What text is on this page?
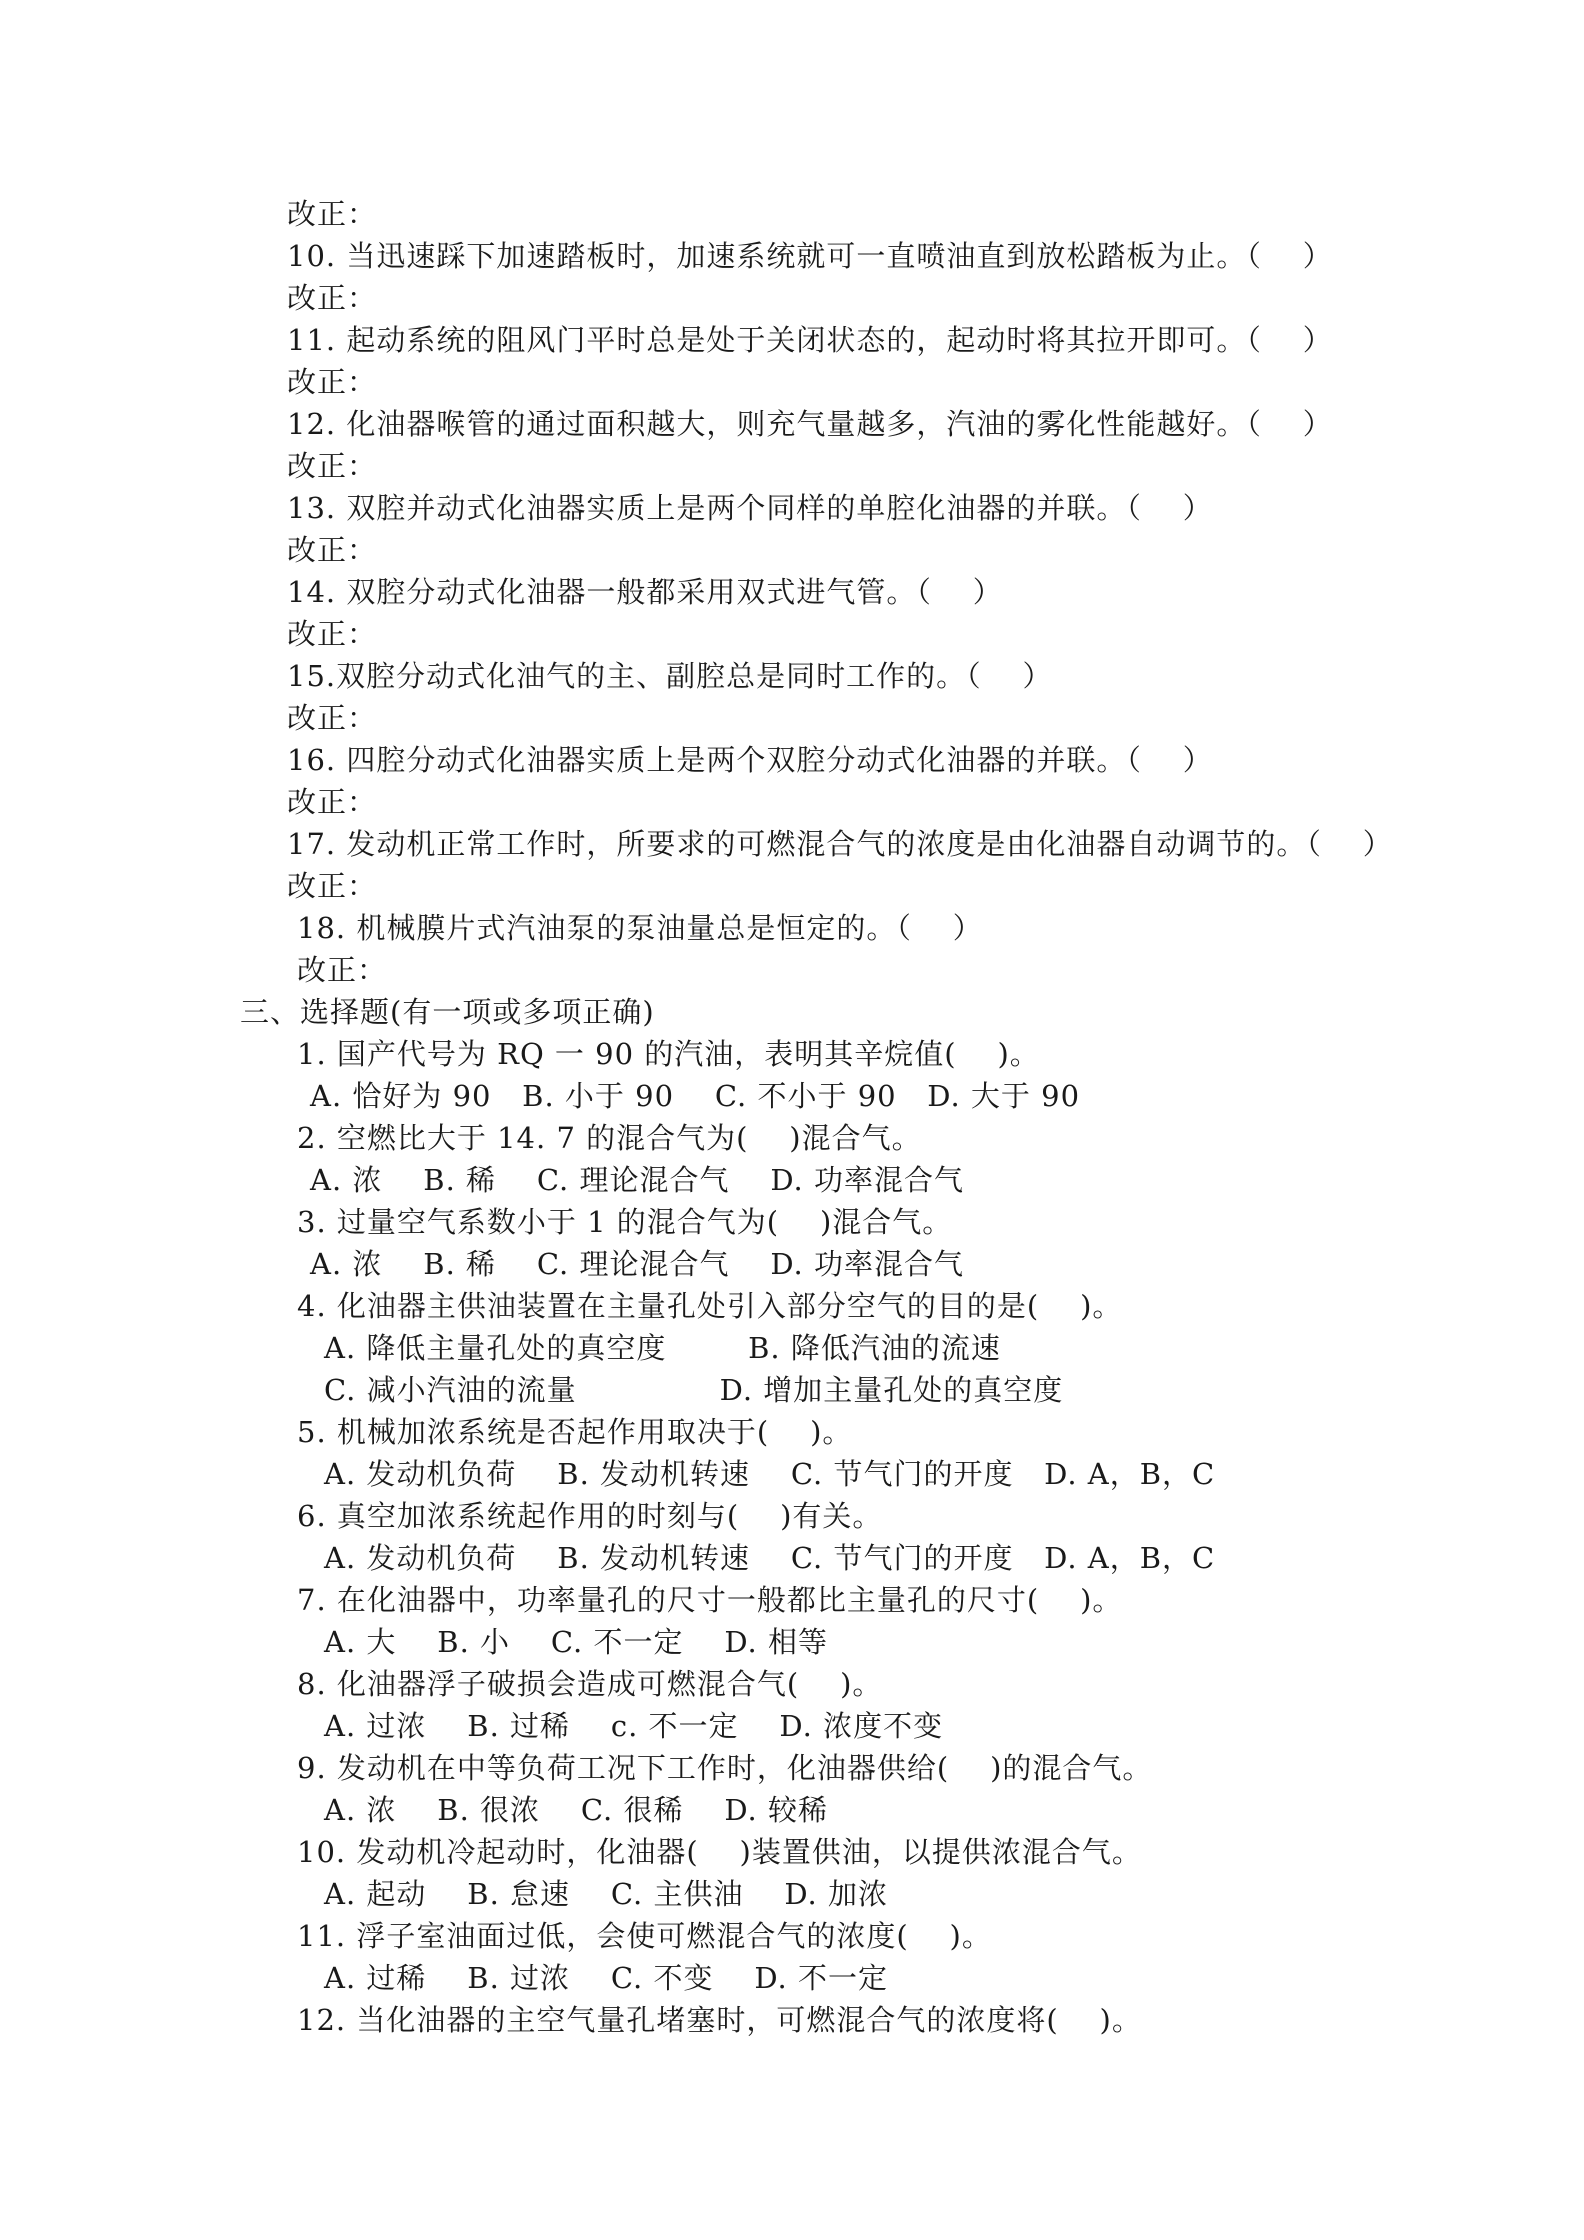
改正：
10. 当迅速踩下加速踏板时，加速系统就可一直喷油直到放松踏板为止。（    ）
改正：
11. 起动系统的阻风门平时总是处于关闭状态的，起动时将其拉开即可。（    ）
改正：
12. 化油器喉管的通过面积越大，则充气量越多，汽油的雾化性能越好。（    ）
改正：
13. 双腔并动式化油器实质上是两个同样的单腔化油器的并联。（    ）
改正：
14. 双腔分动式化油器一般都采用双式进气管。（    ）
改正：
15.双腔分动式化油气的主、副腔总是同时工作的。（    ）
改正：
16. 四腔分动式化油器实质上是两个双腔分动式化油器的并联。（    ）
改正：
17. 发动机正常工作时，所要求的可燃混合气的浓度是由化油器自动调节的。（    ）
改正：
18. 机械膜片式汽油泵的泵油量总是恒定的。（    ）
改正：
三、选择题(有一项或多项正确)
1. 国产代号为 RQ 一 90 的汽油，表明其辛烷值(    )。
A. 恰好为 90   B. 小于 90    C. 不小于 90   D. 大于 90
2. 空燃比大于 14. 7 的混合气为(    )混合气。
A. 浓    B. 稀    C. 理论混合气    D. 功率混合气
3. 过量空气系数小于 1 的混合气为(    )混合气。
A. 浓    B. 稀    C. 理论混合气    D. 功率混合气
4. 化油器主供油装置在主量孔处引入部分空气的目的是(    )。
A. 降低主量孔处的真空度        B. 降低汽油的流速
C. 减小汽油的流量              D. 增加主量孔处的真空度
5. 机械加浓系统是否起作用取决于(    )。
A. 发动机负荷    B. 发动机转速    C. 节气门的开度   D. A，B，C
6. 真空加浓系统起作用的时刻与(    )有关。
A. 发动机负荷    B. 发动机转速    C. 节气门的开度   D. A，B，C
7. 在化油器中，功率量孔的尺寸一般都比主量孔的尺寸(    )。
A. 大    B. 小    C. 不一定    D. 相等
8. 化油器浮子破损会造成可燃混合气(    )。
A. 过浓    B. 过稀    c. 不一定    D. 浓度不变
9. 发动机在中等负荷工况下工作时，化油器供给(    )的混合气。
A. 浓    B. 很浓    C. 很稀    D. 较稀
10. 发动机冷起动时，化油器(    )装置供油，以提供浓混合气。
A. 起动    B. 怠速    C. 主供油    D. 加浓
11. 浮子室油面过低，会使可燃混合气的浓度(    )。
A. 过稀    B. 过浓    C. 不变    D. 不一定
12. 当化油器的主空气量孔堵塞时，可燃混合气的浓度将(    )。
